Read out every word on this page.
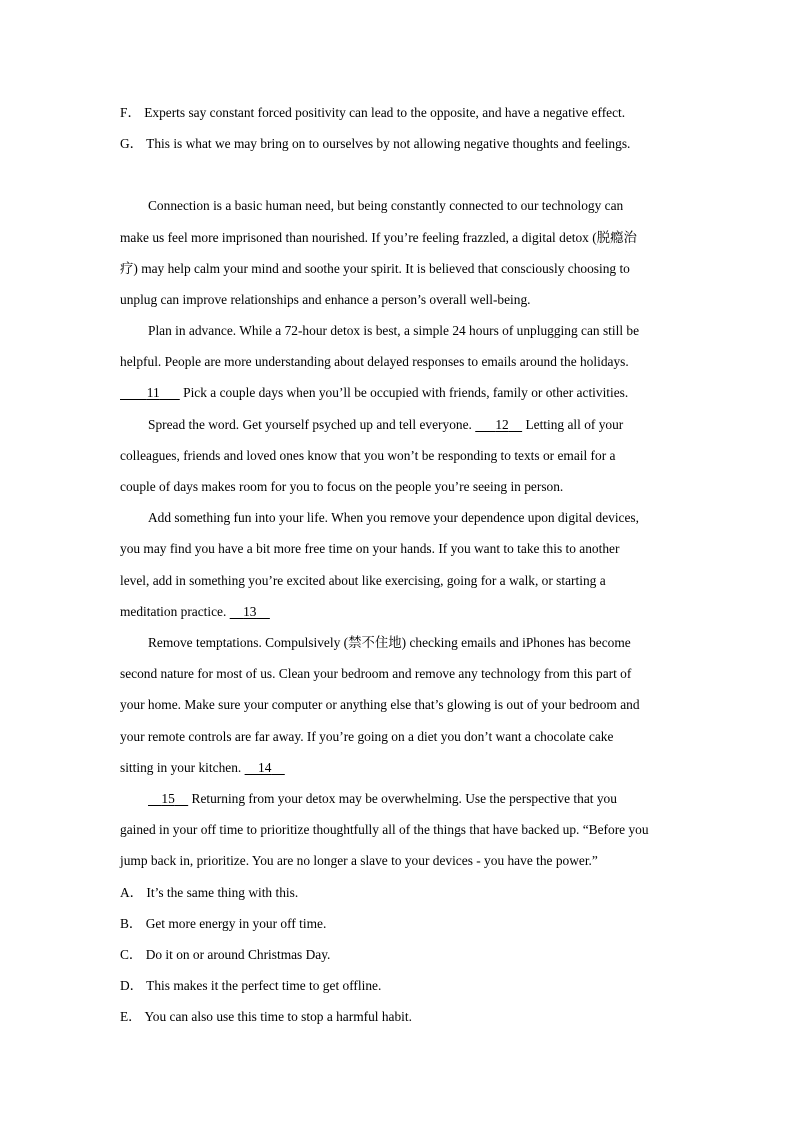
F． Experts say constant forced positivity can lead to the opposite, and have a negative effect.
G． This is what we may bring on to ourselves by not allowing negative thoughts and feelings.
Connection is a basic human need, but being constantly connected to our technology can
make us feel more imprisoned than nourished. If you’re feeling frazzled, a digital detox (脱瘾治
疗) may help calm your mind and soothe your spirit. It is believed that consciously choosing to
unplug can improve relationships and enhance a person’s overall well-being.
Plan in advance. While a 72-hour detox is best, a simple 24 hours of unplugging can still be
helpful. People are more understanding about delayed responses to emails around the holidays.
    11    Pick a couple days when you’ll be occupied with friends, family or other activities.
Spread the word. Get yourself psyched up and tell everyone.    12   Letting all of your
colleagues, friends and loved ones know that you won’t be responding to texts or email for a
couple of days makes room for you to focus on the people you’re seeing in person.
Add something fun into your life. When you remove your dependence upon digital devices,
you may find you have a bit more free time on your hands. If you want to take this to another
level, add in something you’re excited about like exercising, going for a walk, or starting a
meditation practice.   13  
Remove temptations. Compulsively (禁不住地) checking emails and iPhones has become
second nature for most of us. Clean your bedroom and remove any technology from this part of
your home. Make sure your computer or anything else that’s glowing is out of your bedroom and
your remote controls are far away. If you’re going on a diet you don’t want a chocolate cake
sitting in your kitchen.   14  
  15   Returning from your detox may be overwhelming. Use the perspective that you
gained in your off time to prioritize thoughtfully all of the things that have backed up. “Before you
jump back in, prioritize. You are no longer a slave to your devices - you have the power.”
A． It’s the same thing with this.
B． Get more energy in your off time.
C． Do it on or around Christmas Day.
D． This makes it the perfect time to get offline.
E． You can also use this time to stop a harmful habit.
